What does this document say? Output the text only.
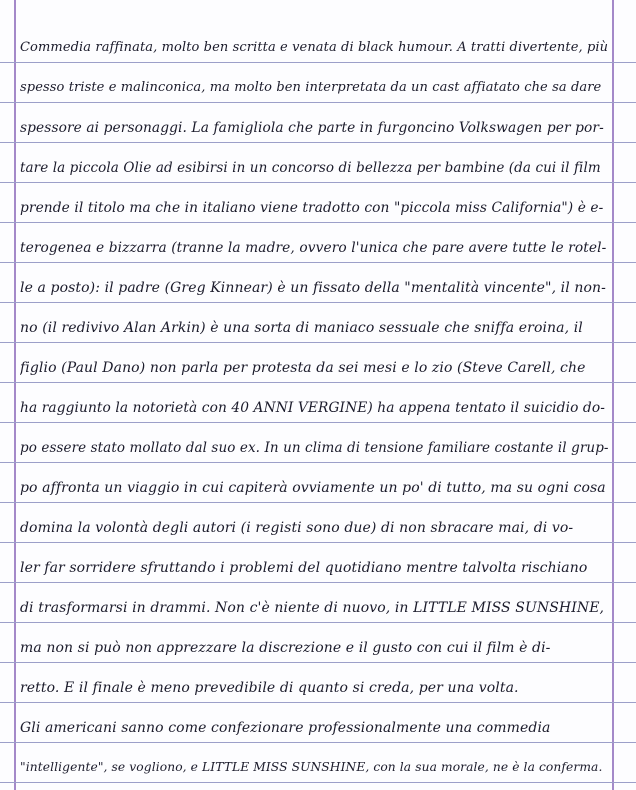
Commedia raffinata, molto ben scritta e venata di black humour. A tratti divertente, più
spesso triste e malinconica, ma molto ben interpretata da un cast affiatato che sa dare
spessore ai personaggi. La famigliola che parte in furgoncino Volkswagen per por-
tare la piccola Olie ad esibirsi in un concorso di bellezza per bambine (da cui il film
prende il titolo ma che in italiano viene tradotto con "piccola miss California") è e-
terogenea e bizzarra (tranne la madre, ovvero l'unica che pare avere tutte le rotel-
le a posto): il padre (Greg Kinnear) è un fissato della "mentalità vincente", il non-
no (il redivivo Alan Arkin) è una sorta di maniaco sessuale che sniffa eroina, il
figlio (Paul Dano) non parla per protesta da sei mesi e lo zio (Steve Carell, che
ha raggiunto la notorietà con 40 ANNI VERGINE) ha appena tentato il suicidio do-
po essere stato mollato dal suo ex. In un clima di tensione familiare costante il grup-
po affronta un viaggio in cui capiterà ovviamente un po' di tutto, ma su ogni cosa
domina la volontà degli autori (i registi sono due) di non sbracare mai, di vo-
ler far sorridere sfruttando i problemi del quotidiano mentre talvolta rischiano
di trasformarsi in drammi. Non c'è niente di nuovo, in LITTLE MISS SUNSHINE,
ma non si può non apprezzare la discrezione e il gusto con cui il film è di-
retto. E il finale è meno prevedibile di quanto si creda, per una volta.
Gli americani sanno come confezionare professionalmente una commedia
"intelligente", se vogliono, e LITTLE MISS SUNSHINE, con la sua morale, ne è la conferma.
